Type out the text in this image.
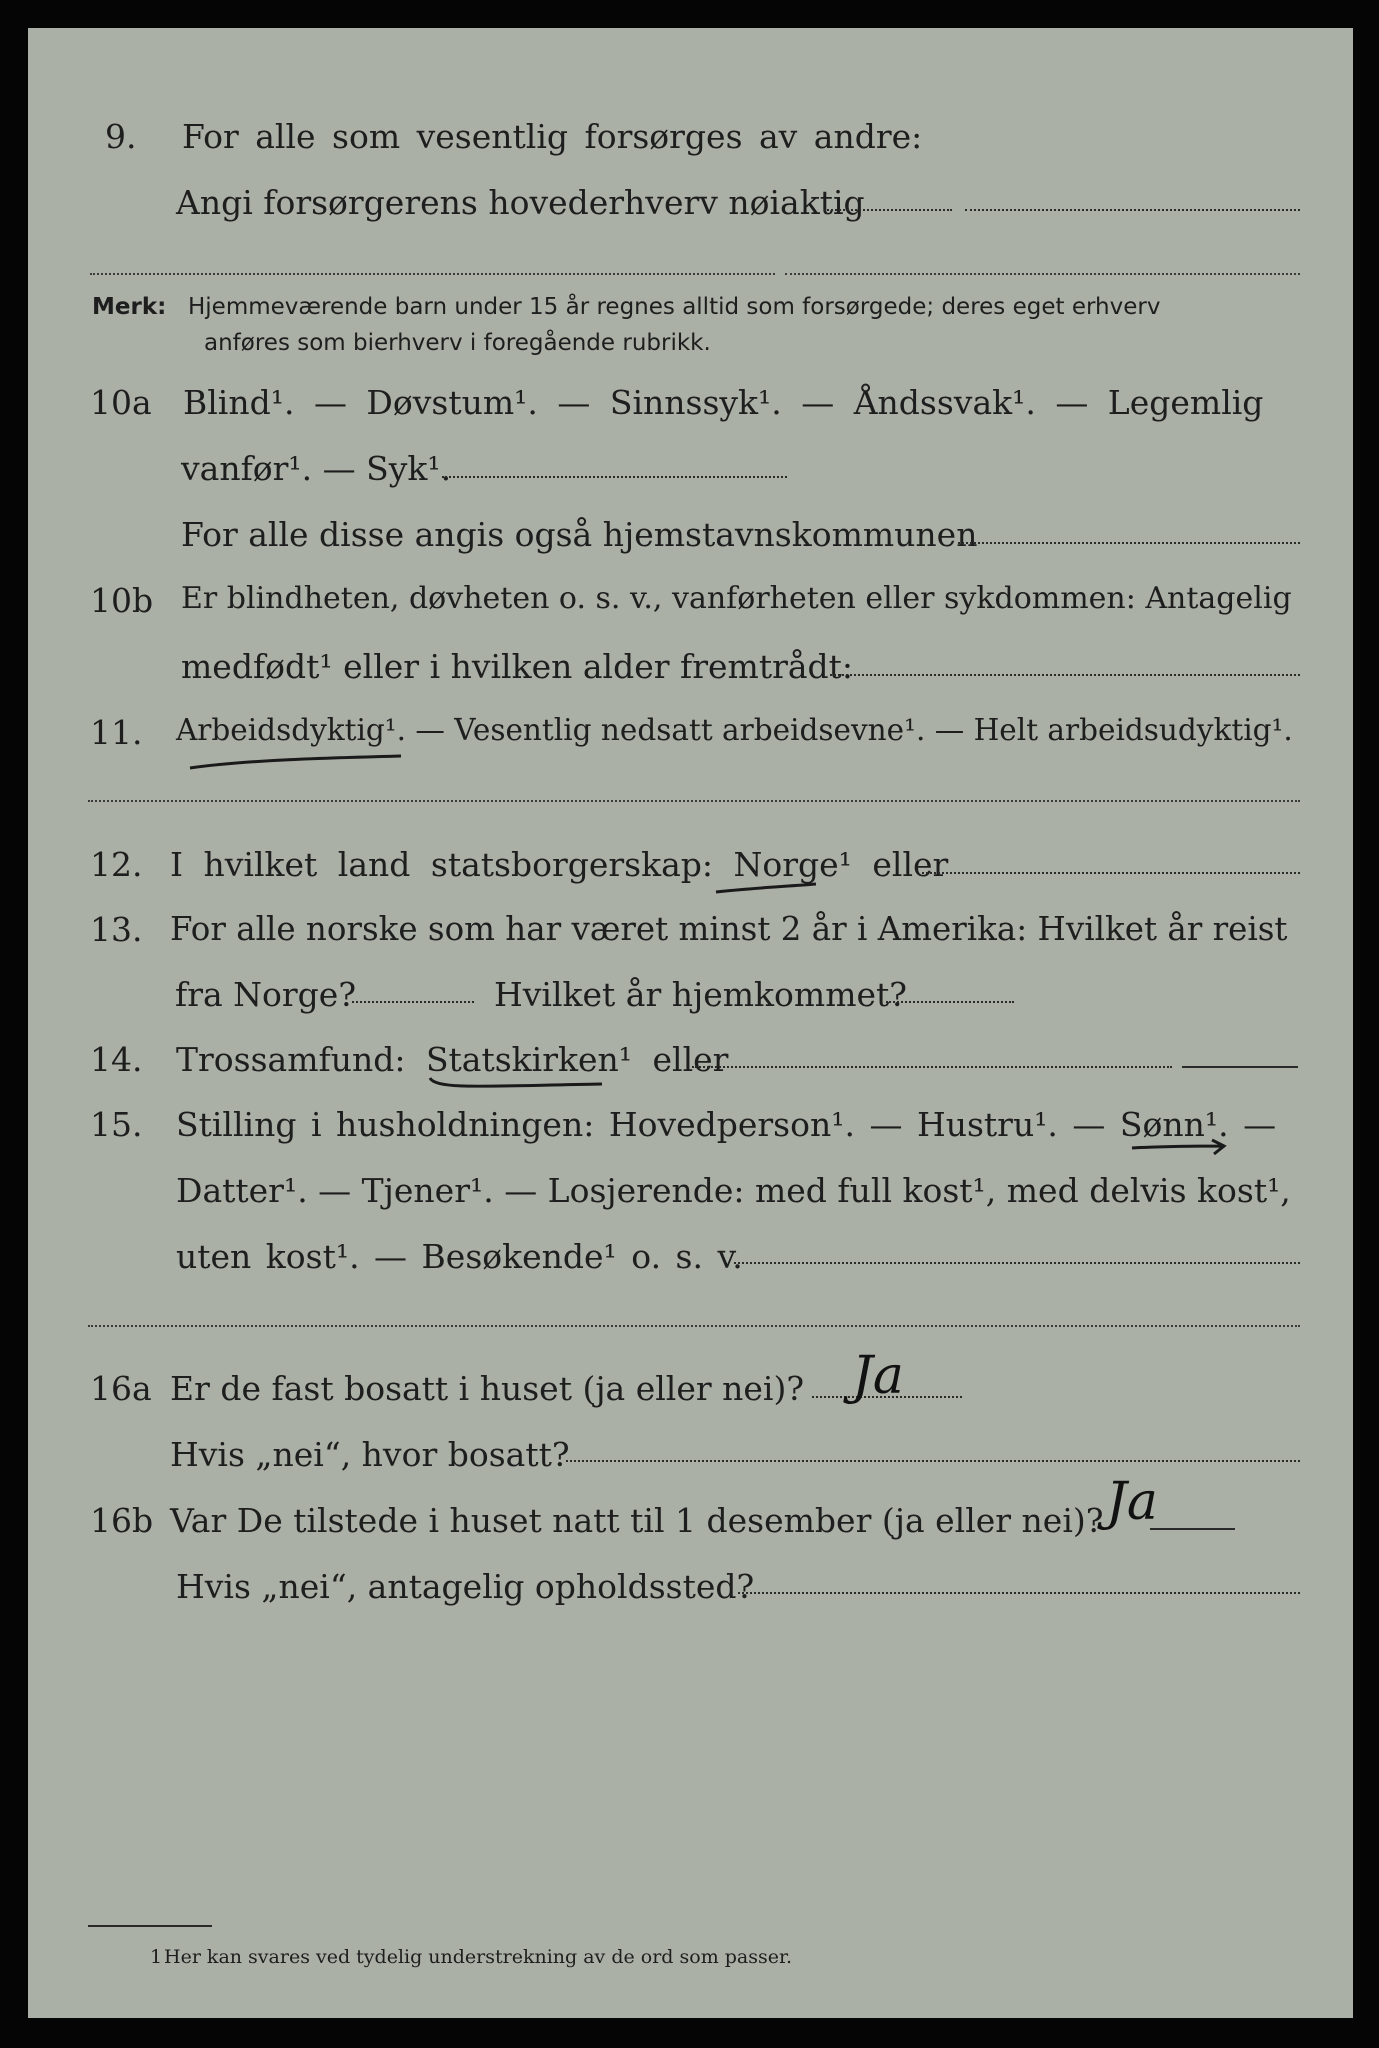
9. For alle som vesentlig forsørges av andre:
Angi forsørgerens hovederhverv nøiaktig
Merk: Hjemmeværende barn under 15 år regnes alltid som forsørgede; deres eget erhverv
anføres som bierhverv i foregående rubrikk.
10a Blind¹. — Døvstum¹. — Sinnssyk¹. — Åndssvak¹. — Legemlig
vanfør¹. — Syk¹.
For alle disse angis også hjemstavnskommunen
10b Er blindheten, døvheten o. s. v., vanførheten eller sykdommen: Antagelig
medfødt¹ eller i hvilken alder fremtrådt:
11. Arbeidsdyktig¹. — Vesentlig nedsatt arbeidsevne¹. — Helt arbeidsudyktig¹.
12. I hvilket land statsborgerskap: Norge¹ eller
13. For alle norske som har været minst 2 år i Amerika: Hvilket år reist
fra Norge?	Hvilket år hjemkommet?
14. Trossamfund: Statskirken¹ eller
15. Stilling i husholdningen: Hovedperson¹. — Hustru¹. — Sønn¹. —
Datter¹. — Tjener¹. — Losjerende: med full kost¹, med delvis kost¹,
uten kost¹. — Besøkende¹ o. s. v.
16a Er de fast bosatt i huset (ja eller nei)? Ja
Hvis „nei“, hvor bosatt?
16b Var De tilstede i huset natt til 1 desember (ja eller nei)? Ja
Hvis „nei“, antagelig opholdssted?
1 Her kan svares ved tydelig understrekning av de ord som passer.
